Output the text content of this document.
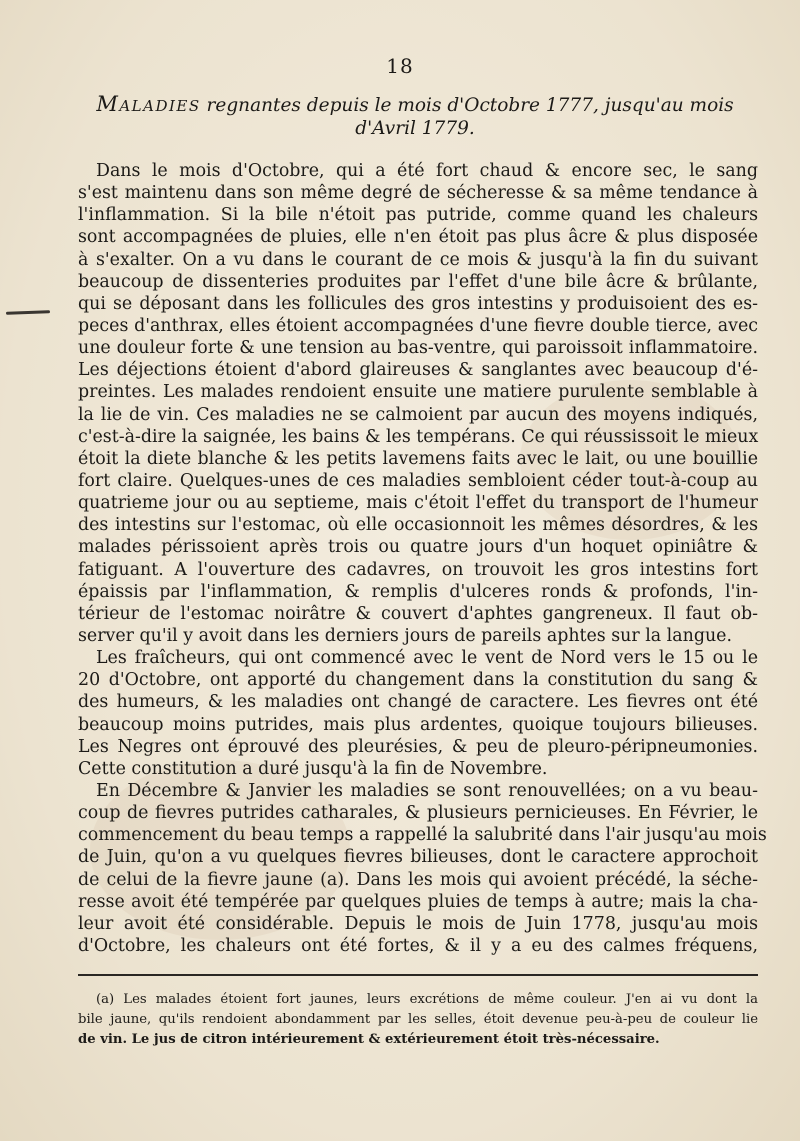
18
Maladies regnantes depuis le mois d'Octobre 1777, jusqu'au mois
d'Avril 1779.
Dans le mois d'Octobre, qui a été fort chaud & encore sec, le sang
s'est maintenu dans son même degré de sécheresse & sa même tendance à
l'inflammation. Si la bile n'étoit pas putride, comme quand les chaleurs
sont accompagnées de pluies, elle n'en étoit pas plus âcre & plus disposée
à s'exalter. On a vu dans le courant de ce mois & jusqu'à la fin du suivant
beaucoup de dissenteries produites par l'effet d'une bile âcre & brûlante,
qui se déposant dans les follicules des gros intestins y produisoient des es-
peces d'anthrax, elles étoient accompagnées d'une fievre double tierce, avec
une douleur forte & une tension au bas-ventre, qui paroissoit inflammatoire.
Les déjections étoient d'abord glaireuses & sanglantes avec beaucoup d'é-
preintes. Les malades rendoient ensuite une matiere purulente semblable à
la lie de vin. Ces maladies ne se calmoient par aucun des moyens indiqués,
c'est-à-dire la saignée, les bains & les tempérans. Ce qui réussissoit le mieux
étoit la diete blanche & les petits lavemens faits avec le lait, ou une bouillie
fort claire. Quelques-unes de ces maladies sembloient céder tout-à-coup au
quatrieme jour ou au septieme, mais c'étoit l'effet du transport de l'humeur
des intestins sur l'estomac, où elle occasionnoit les mêmes désordres, & les
malades périssoient après trois ou quatre jours d'un hoquet opiniâtre &
fatiguant. A l'ouverture des cadavres, on trouvoit les gros intestins fort
épaissis par l'inflammation, & remplis d'ulceres ronds & profonds, l'in-
térieur de l'estomac noirâtre & couvert d'aphtes gangreneux. Il faut ob-
server qu'il y avoit dans les derniers jours de pareils aphtes sur la langue.
Les fraîcheurs, qui ont commencé avec le vent de Nord vers le 15 ou le
20 d'Octobre, ont apporté du changement dans la constitution du sang &
des humeurs, & les maladies ont changé de caractere. Les fievres ont été
beaucoup moins putrides, mais plus ardentes, quoique toujours bilieuses.
Les Negres ont éprouvé des pleurésies, & peu de pleuro-péripneumonies.
Cette constitution a duré jusqu'à la fin de Novembre.
En Décembre & Janvier les maladies se sont renouvellées; on a vu beau-
coup de fievres putrides catharales, & plusieurs pernicieuses. En Février, le
commencement du beau temps a rappellé la salubrité dans l'air jusqu'au mois
de Juin, qu'on a vu quelques fievres bilieuses, dont le caractere approchoit
de celui de la fievre jaune (a). Dans les mois qui avoient précédé, la séche-
resse avoit été tempérée par quelques pluies de temps à autre; mais la cha-
leur avoit été considérable. Depuis le mois de Juin 1778, jusqu'au mois
d'Octobre, les chaleurs ont été fortes, & il y a eu des calmes fréquens,
(a) Les malades étoient fort jaunes, leurs excrétions de même couleur. J'en ai vu dont la
bile jaune, qu'ils rendoient abondamment par les selles, étoit devenue peu-à-peu de couleur lie
de vin. Le jus de citron intérieurement & extérieurement étoit très-nécessaire.
